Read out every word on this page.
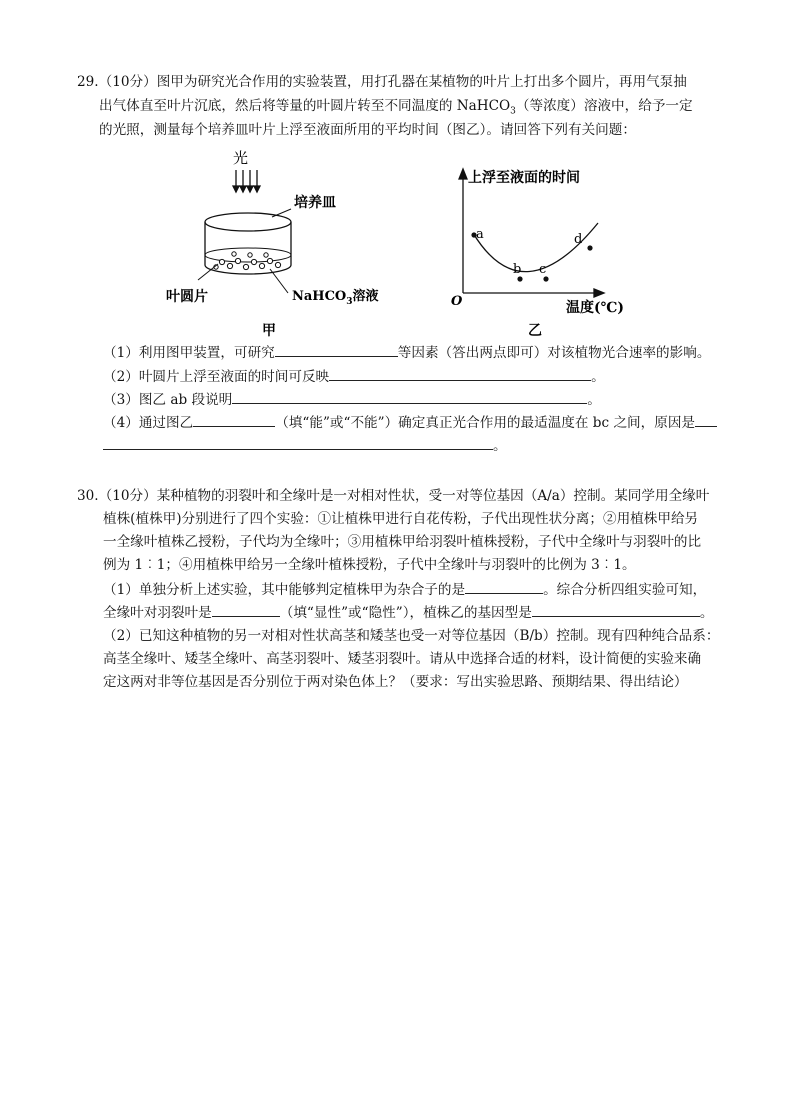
29.（10分）图甲为研究光合作用的实验装置，用打孔器在某植物的叶片上打出多个圆片，再用气泵抽
出气体直至叶片沉底，然后将等量的叶圆片转至不同温度的 NaHCO$_3$（等浓度）溶液中，给予一定
的光照，测量每个培养皿叶片上浮至液面所用的平均时间（图乙）。请回答下列有关问题：
光
培养皿
叶圆片	NaHCO$_3$溶液
甲
a
b c
d
上浮至液面的时间
温度(℃)
O
乙
（1）利用图甲装置，可研究	等因素（答出两点即可）对该植物光合速率的影响。
（2）叶圆片上浮至液面的时间可反映	。
（3）图乙 ab 段说明	。
（4）通过图乙	（填“能”或“不能”）确定真正光合作用的最适温度在 bc 之间，原因是
。
30.（10分）某种植物的羽裂叶和全缘叶是一对相对性状，受一对等位基因（A/a）控制。某同学用全缘叶
植株(植株甲)分别进行了四个实验：①让植株甲进行自花传粉，子代出现性状分离；②用植株甲给另
一全缘叶植株乙授粉，子代均为全缘叶；③用植株甲给羽裂叶植株授粉，子代中全缘叶与羽裂叶的比
例为 1︰1；④用植株甲给另一全缘叶植株授粉，子代中全缘叶与羽裂叶的比例为 3︰1。
（1）单独分析上述实验，其中能够判定植株甲为杂合子的是	。综合分析四组实验可知，
全缘叶对羽裂叶是	（填“显性”或“隐性”），植株乙的基因型是	。
（2）已知这种植物的另一对相对性状高茎和矮茎也受一对等位基因（B/b）控制。现有四种纯合品系：
高茎全缘叶、矮茎全缘叶、高茎羽裂叶、矮茎羽裂叶。请从中选择合适的材料，设计简便的实验来确
定这两对非等位基因是否分别位于两对染色体上？（要求：写出实验思路、预期结果、得出结论）
